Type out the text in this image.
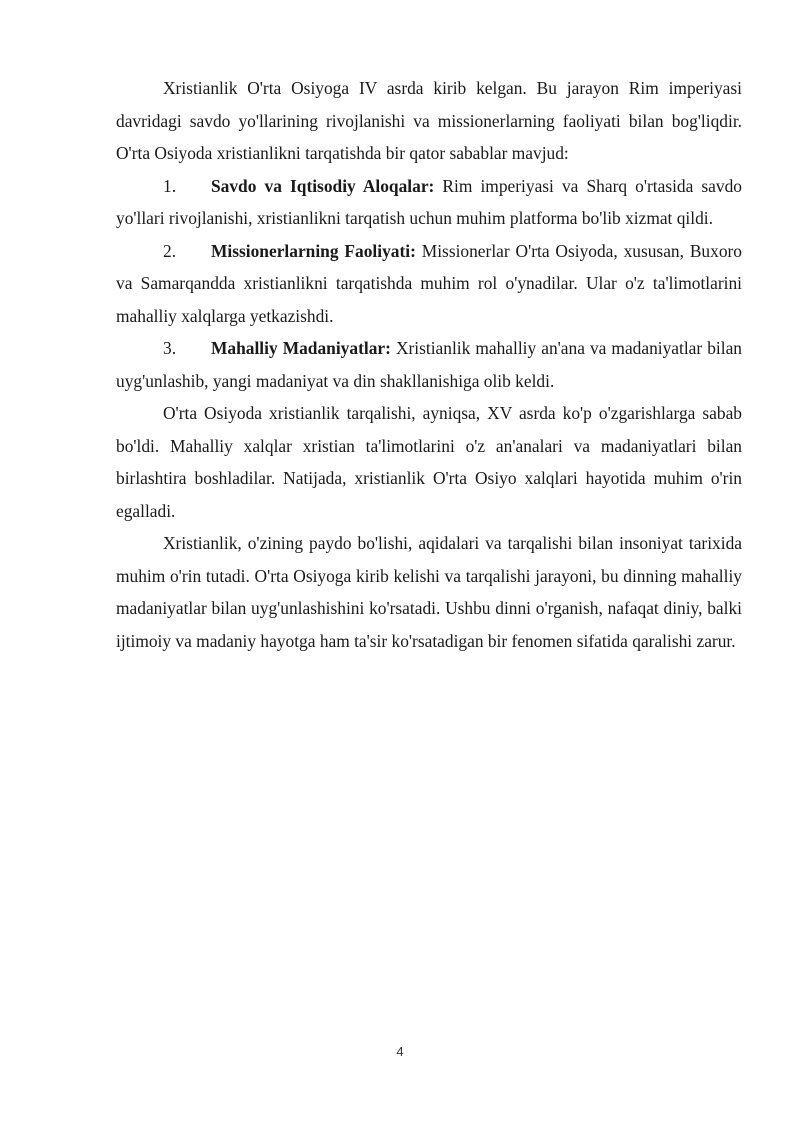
Xristianlik O'rta Osiyoga IV asrda kirib kelgan. Bu jarayon Rim imperiyasi davridagi savdo yo'llarining rivojlanishi va missionerlarning faoliyati bilan bog'liqdir. O'rta Osiyoda xristianlikni tarqatishda bir qator sabablar mavjud:

1. Savdo va Iqtisodiy Aloqalar: Rim imperiyasi va Sharq o'rtasida savdo yo'llari rivojlanishi, xristianlikni tarqatish uchun muhim platforma bo'lib xizmat qildi.

2. Missionerlarning Faoliyati: Missionerlar O'rta Osiyoda, xususan, Buxoro va Samarqandda xristianlikni tarqatishda muhim rol o'ynadilar. Ular o'z ta'limotlarini mahalliy xalqlarga yetkazishdi.

3. Mahalliy Madaniyatlar: Xristianlik mahalliy an'ana va madaniyatlar bilan uyg'unlashib, yangi madaniyat va din shakllanishiga olib keldi.

O'rta Osiyoda xristianlik tarqalishi, ayniqsa, XV asrda ko'p o'zgarishlarga sabab bo'ldi. Mahalliy xalqlar xristian ta'limotlarini o'z an'analari va madaniyatlari bilan birlashtira boshladilar. Natijada, xristianlik O'rta Osiyo xalqlari hayotida muhim o'rin egalladi.

Xristianlik, o'zining paydo bo'lishi, aqidalari va tarqalishi bilan insoniyat tarixida muhim o'rin tutadi. O'rta Osiyoga kirib kelishi va tarqalishi jarayoni, bu dinning mahalliy madaniyatlar bilan uyg'unlashishini ko'rsatadi. Ushbu dinni o'rganish, nafaqat diniy, balki ijtimoiy va madaniy hayotga ham ta'sir ko'rsatadigan bir fenomen sifatida qaralishi zarur.

4
